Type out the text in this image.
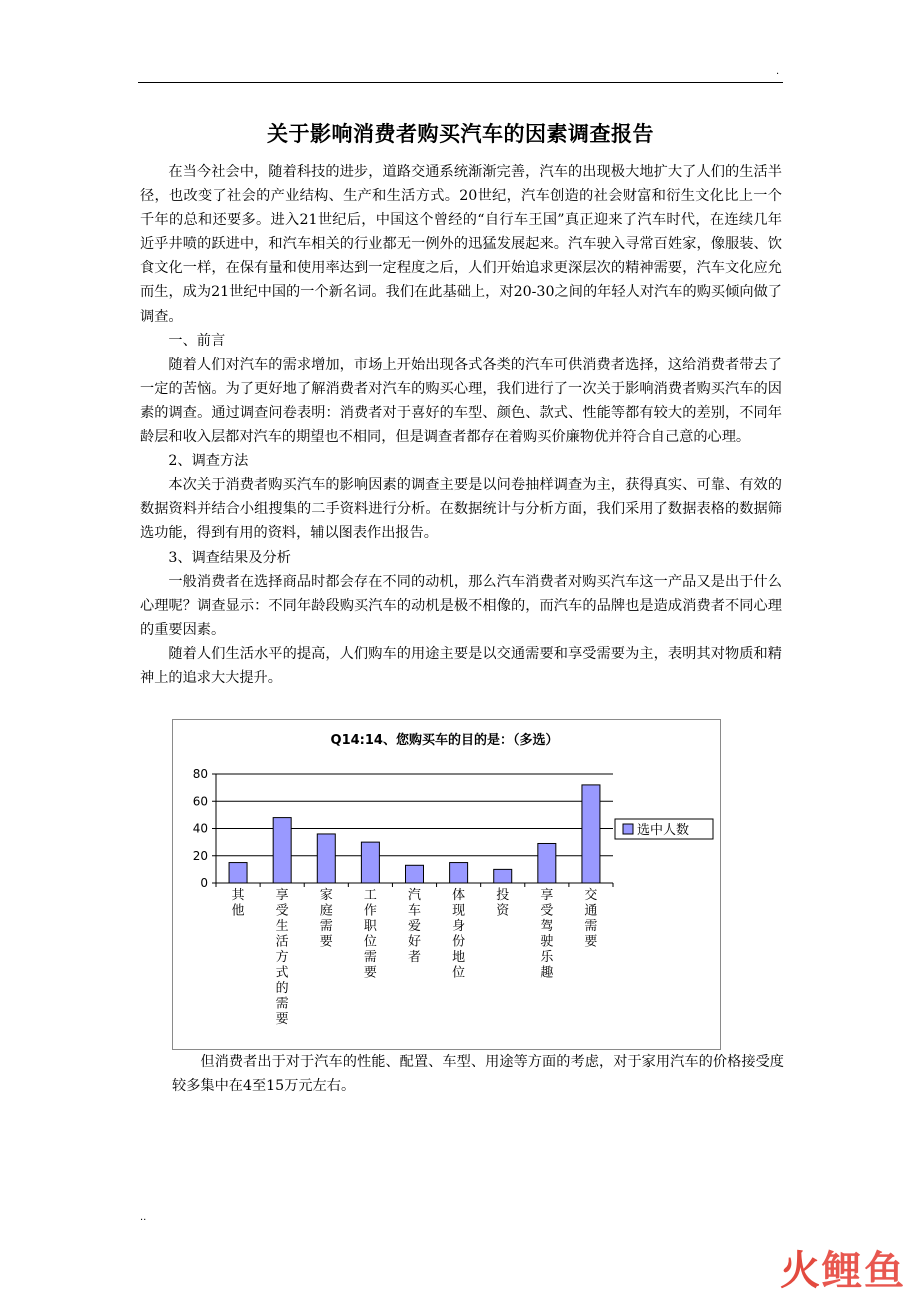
.
关于影响消费者购买汽车的因素调查报告

在当今社会中，随着科技的进步，道路交通系统渐渐完善，汽车的出现极大地扩大了人们的生活半径，也改变了社会的产业结构、生产和生活方式。20世纪，汽车创造的社会财富和衍生文化比上一个千年的总和还要多。进入21世纪后，中国这个曾经的“自行车王国”真正迎来了汽车时代，在连续几年近乎井喷的跃进中，和汽车相关的行业都无一例外的迅猛发展起来。汽车驶入寻常百姓家，像服装、饮食文化一样，在保有量和使用率达到一定程度之后，人们开始追求更深层次的精神需要，汽车文化应允而生，成为21世纪中国的一个新名词。我们在此基础上，对20-30之间的年轻人对汽车的购买倾向做了调查。

一、前言

随着人们对汽车的需求增加，市场上开始出现各式各类的汽车可供消费者选择，这给消费者带去了一定的苦恼。为了更好地了解消费者对汽车的购买心理，我们进行了一次关于影响消费者购买汽车的因素的调查。通过调查问卷表明：消费者对于喜好的车型、颜色、款式、性能等都有较大的差别，不同年龄层和收入层都对汽车的期望也不相同，但是调查者都存在着购买价廉物优并符合自己意的心理。

2、调查方法

本次关于消费者购买汽车的影响因素的调查主要是以问卷抽样调查为主，获得真实、可靠、有效的数据资料并结合小组搜集的二手资料进行分析。在数据统计与分析方面，我们采用了数据表格的数据筛选功能，得到有用的资料，辅以图表作出报告。

3、调查结果及分析

一般消费者在选择商品时都会存在不同的动机，那么汽车消费者对购买汽车这一产品又是出于什么心理呢？调查显示：不同年龄段购买汽车的动机是极不相像的，而汽车的品牌也是造成消费者不同心理的重要因素。

随着人们生活水平的提高，人们购车的用途主要是以交通需要和享受需要为主，表明其对物质和精神上的追求大大提升。

Q14:14、您购买车的目的是：（多选）
0
20
40
60
80
其他
享受生活方式的需要
家庭需要
工作职位需要
汽车爱好者
体现身份地位
投资
享受驾驶乐趣
交通需要
选中人数

但消费者出于对于汽车的性能、配置、车型、用途等方面的考虑，对于家用汽车的价格接受度较多集中在4至15万元左右。

..
火鲤鱼
